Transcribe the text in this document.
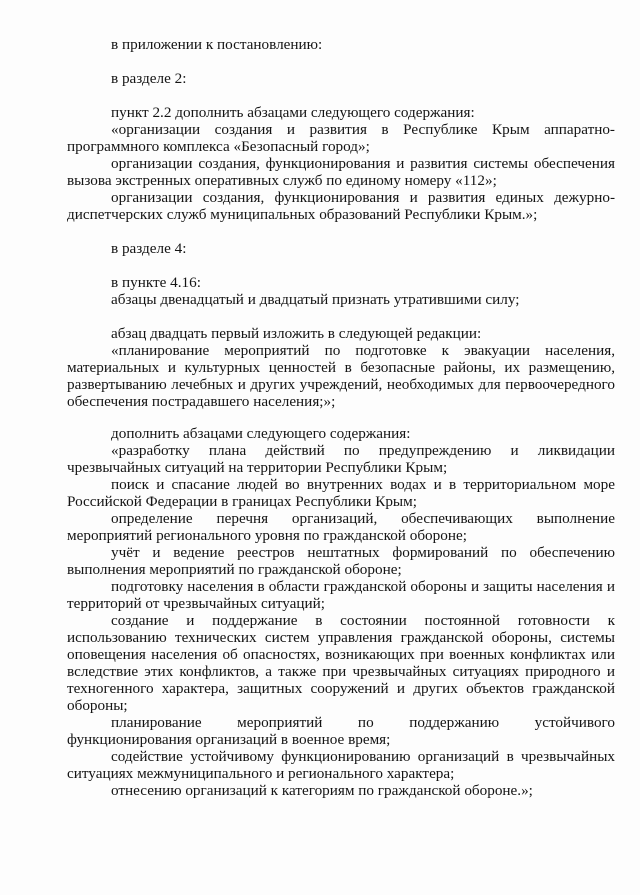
в приложении к постановлению:

в разделе 2:

пункт 2.2 дополнить абзацами следующего содержания:

«организации создания и развития в Республике Крым аппаратно-программного комплекса «Безопасный город»;

организации создания, функционирования и развития системы обеспечения вызова экстренных оперативных служб по единому номеру «112»;

организации создания, функционирования и развития единых дежурно-диспетчерских служб муниципальных образований Республики Крым.»;

в разделе 4:

в пункте 4.16:

абзацы двенадцатый и двадцатый признать утратившими силу;

абзац двадцать первый изложить в следующей редакции:

«планирование мероприятий по подготовке к эвакуации населения, материальных и культурных ценностей в безопасные районы, их размещению, развертыванию лечебных и других учреждений, необходимых для первоочередного обеспечения пострадавшего населения;»;

дополнить абзацами следующего содержания:

«разработку плана действий по предупреждению и ликвидации чрезвычайных ситуаций на территории Республики Крым;

поиск и спасание людей во внутренних водах и в территориальном море Российской Федерации в границах Республики Крым;

определение перечня организаций, обеспечивающих выполнение мероприятий регионального уровня по гражданской обороне;

учёт и ведение реестров нештатных формирований по обеспечению выполнения мероприятий по гражданской обороне;

подготовку населения в области гражданской обороны и защиты населения и территорий от чрезвычайных ситуаций;

создание и поддержание в состоянии постоянной готовности к использованию технических систем управления гражданской обороны, системы оповещения населения об опасностях, возникающих при военных конфликтах или вследствие этих конфликтов, а также при чрезвычайных ситуациях природного и техногенного характера, защитных сооружений и других объектов гражданской обороны;

планирование мероприятий по поддержанию устойчивого функционирования организаций в военное время;

содействие устойчивому функционированию организаций в чрезвычайных ситуациях межмуниципального и регионального характера;

отнесению организаций к категориям по гражданской обороне.»;
